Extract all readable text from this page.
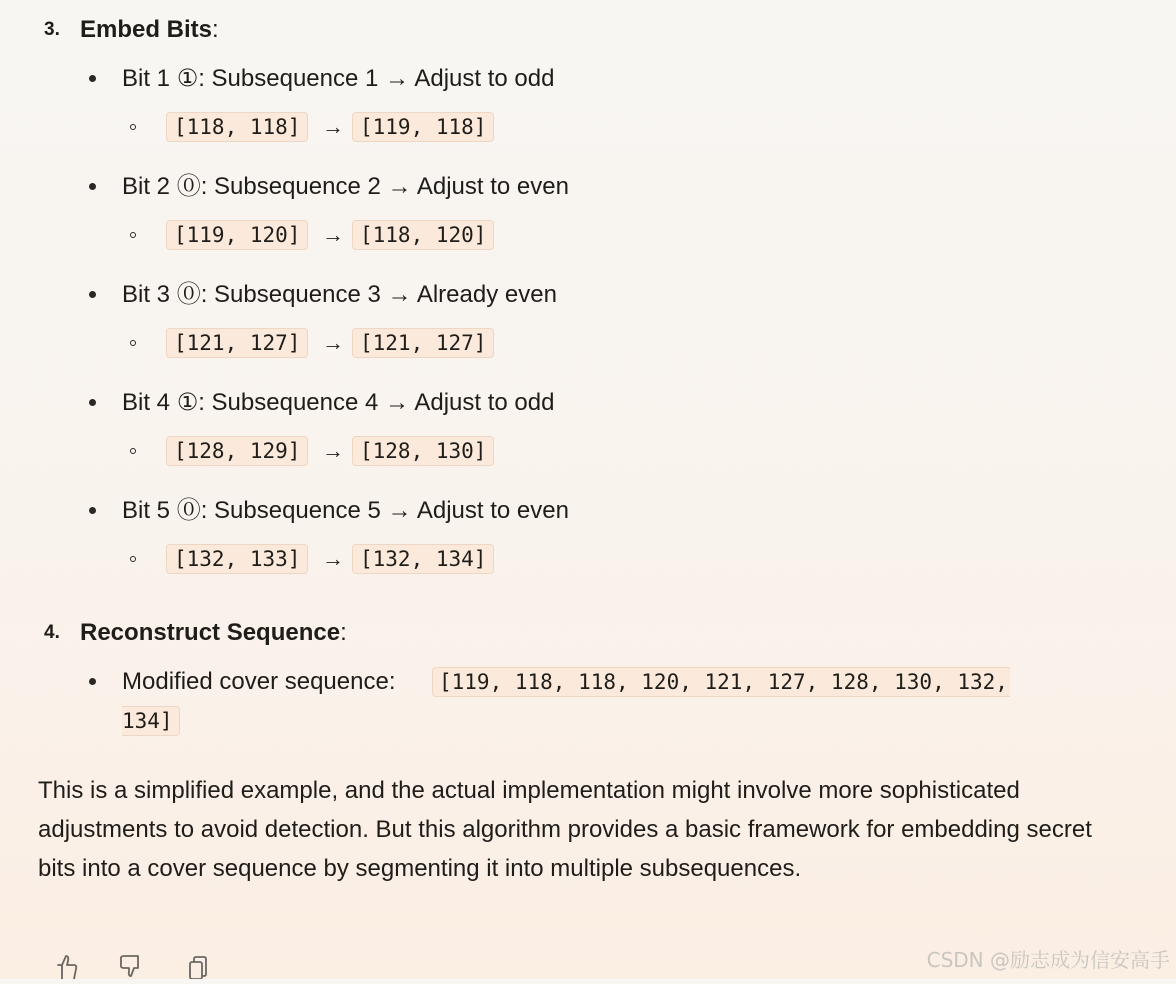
3. Embed Bits:
Bit 1 ①: Subsequence 1 → Adjust to odd
[118, 118] → [119, 118]
Bit 2 ⓪: Subsequence 2 → Adjust to even
[119, 120] → [118, 120]
Bit 3 ⓪: Subsequence 3 → Already even
[121, 127] → [121, 127]
Bit 4 ①: Subsequence 4 → Adjust to odd
[128, 129] → [128, 130]
Bit 5 ⓪: Subsequence 5 → Adjust to even
[132, 133] → [132, 134]
4. Reconstruct Sequence:
Modified cover sequence:	[119, 118, 118, 120, 121, 127, 128, 130, 132,
134]
This is a simplified example, and the actual implementation might involve more sophisticated adjustments to avoid detection. But this algorithm provides a basic framework for embedding secret bits into a cover sequence by segmenting it into multiple subsequences.
CSDN @励志成为信安高手
